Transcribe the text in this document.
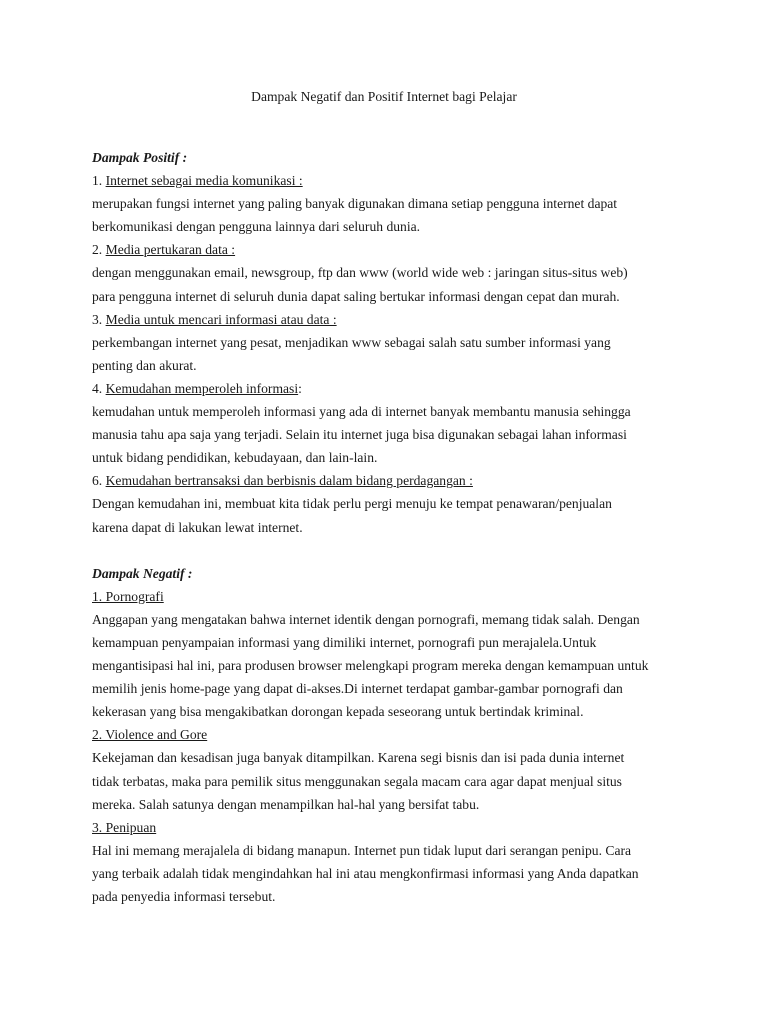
Dampak Negatif dan Positif Internet bagi Pelajar
Dampak Positif :

1. Internet sebagai media komunikasi :

merupakan fungsi internet yang paling banyak digunakan dimana setiap pengguna internet dapat

berkomunikasi dengan pengguna lainnya dari seluruh dunia.

2. Media pertukaran data :

dengan menggunakan email, newsgroup, ftp dan www (world wide web : jaringan situs-situs web)

para pengguna internet di seluruh dunia dapat saling bertukar informasi dengan cepat dan murah.

3. Media untuk mencari informasi atau data :

perkembangan internet yang pesat, menjadikan www sebagai salah satu sumber informasi yang

penting dan akurat.

4. Kemudahan memperoleh informasi:

kemudahan untuk memperoleh informasi yang ada di internet banyak membantu manusia sehingga

manusia tahu apa saja yang terjadi. Selain itu internet juga bisa digunakan sebagai lahan informasi

untuk bidang pendidikan, kebudayaan, dan lain-lain.

6. Kemudahan bertransaksi dan berbisnis dalam bidang perdagangan :

Dengan kemudahan ini, membuat kita tidak perlu pergi menuju ke tempat penawaran/penjualan

karena dapat di lakukan lewat internet.

Dampak Negatif :

1. Pornografi

Anggapan yang mengatakan bahwa internet identik dengan pornografi, memang tidak salah. Dengan

kemampuan penyampaian informasi yang dimiliki internet, pornografi pun merajalela.Untuk

mengantisipasi hal ini, para produsen browser melengkapi program mereka dengan kemampuan untuk

memilih jenis home-page yang dapat di-akses.Di internet terdapat gambar-gambar pornografi dan

kekerasan yang bisa mengakibatkan dorongan kepada seseorang untuk bertindak kriminal.

2. Violence and Gore

Kekejaman dan kesadisan juga banyak ditampilkan. Karena segi bisnis dan isi pada dunia internet

tidak terbatas, maka para pemilik situs menggunakan segala macam cara agar dapat menjual situs

mereka. Salah satunya dengan menampilkan hal-hal yang bersifat tabu.

3. Penipuan

Hal ini memang merajalela di bidang manapun. Internet pun tidak luput dari serangan penipu. Cara

yang terbaik adalah tidak mengindahkan hal ini atau mengkonfirmasi informasi yang Anda dapatkan

pada penyedia informasi tersebut.
